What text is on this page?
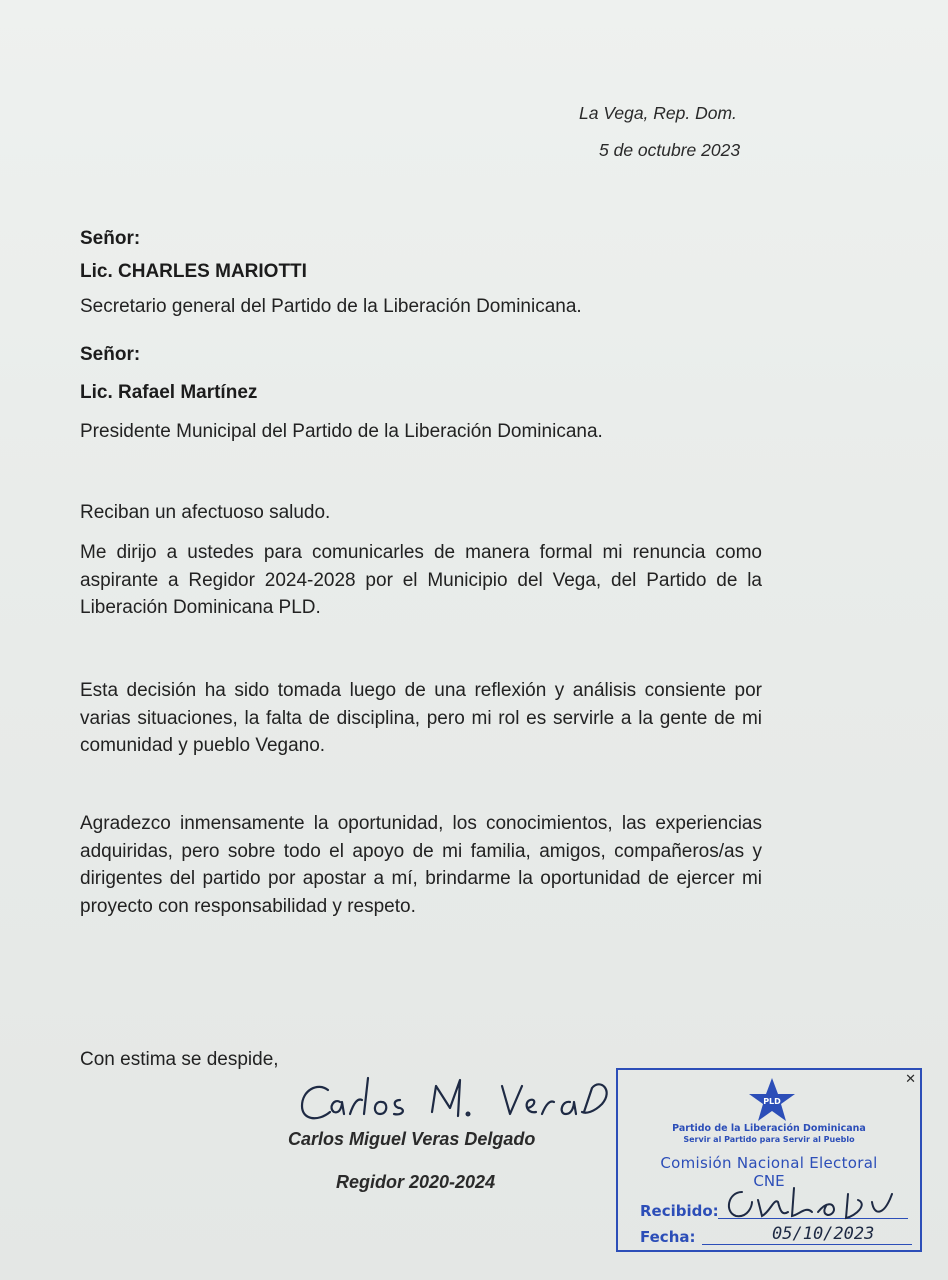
La Vega, Rep. Dom.
5 de octubre 2023
Señor:
Lic. CHARLES MARIOTTI
Secretario general del Partido de la Liberación Dominicana.
Señor:
Lic. Rafael Martínez
Presidente Municipal del Partido de la Liberación Dominicana.
Reciban un afectuoso saludo.
Me dirijo a ustedes para comunicarles de manera formal mi renuncia como aspirante a Regidor 2024-2028 por el Municipio del Vega, del Partido de la Liberación Dominicana PLD.
Esta decisión ha sido tomada luego de una reflexión y análisis consiente por varias situaciones, la falta de disciplina, pero mi rol es servirle a la gente de mi comunidad y pueblo Vegano.
Agradezco inmensamente la oportunidad, los conocimientos, las experiencias adquiridas, pero sobre todo el apoyo de mi familia, amigos, compañeros/as y dirigentes del partido por apostar a mí, brindarme la oportunidad de ejercer mi proyecto con responsabilidad y respeto.
Con estima se despide,
Carlos Miguel Veras Delgado
Regidor 2020-2024
✕
PLD
Partido de la Liberación Dominicana
Servir al Partido para Servir al Pueblo
Comisión Nacional Electoral
CNE
Recibido:
Fecha:	05/10/2023
